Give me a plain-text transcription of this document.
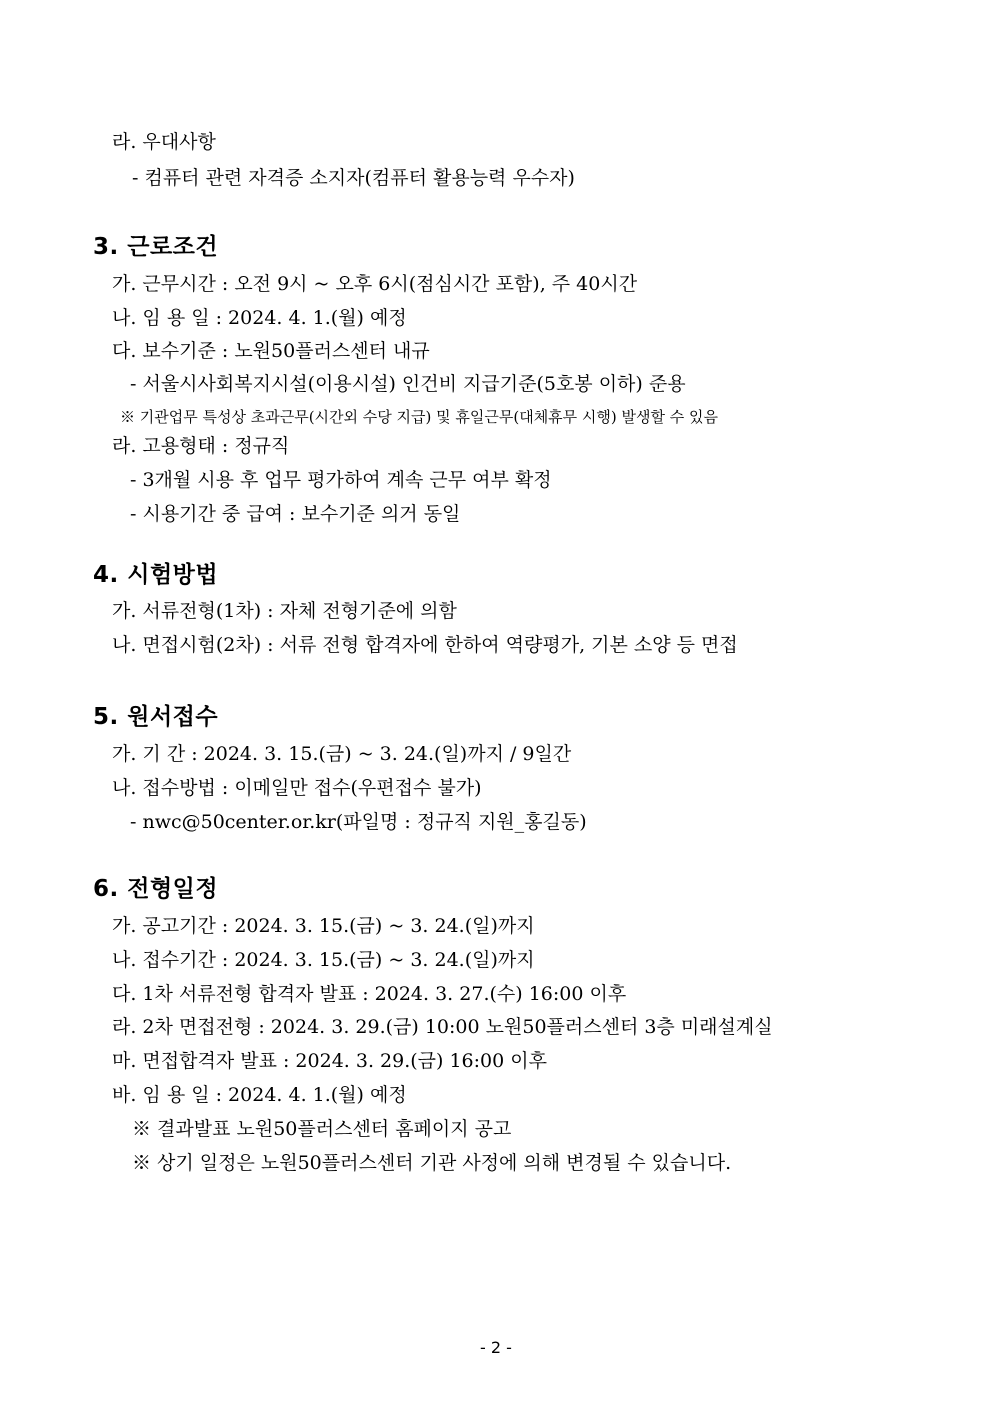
라. 우대사항
- 컴퓨터 관련 자격증 소지자(컴퓨터 활용능력 우수자)
3. 근로조건
가. 근무시간 : 오전 9시 ~ 오후 6시(점심시간 포함), 주 40시간
나. 임 용 일 : 2024. 4. 1.(월) 예정
다. 보수기준 : 노원50플러스센터 내규
- 서울시사회복지시설(이용시설) 인건비 지급기준(5호봉 이하) 준용
※ 기관업무 특성상 초과근무(시간외 수당 지급) 및 휴일근무(대체휴무 시행) 발생할 수 있음
라. 고용형태 : 정규직
- 3개월 시용 후 업무 평가하여 계속 근무 여부 확정
- 시용기간 중 급여 : 보수기준 의거 동일
4. 시험방법
가. 서류전형(1차) : 자체 전형기준에 의함
나. 면접시험(2차) : 서류 전형 합격자에 한하여 역량평가, 기본 소양 등 면접
5. 원서접수
가. 기 간 : 2024. 3. 15.(금) ~ 3. 24.(일)까지 / 9일간
나. 접수방법 : 이메일만 접수(우편접수 불가)
- nwc@50center.or.kr(파일명 : 정규직 지원_홍길동)
6. 전형일정
가. 공고기간 : 2024. 3. 15.(금) ~ 3. 24.(일)까지
나. 접수기간 : 2024. 3. 15.(금) ~ 3. 24.(일)까지
다. 1차 서류전형 합격자 발표 : 2024. 3. 27.(수) 16:00 이후
라. 2차 면접전형 : 2024. 3. 29.(금) 10:00 노원50플러스센터 3층 미래설계실
마. 면접합격자 발표 : 2024. 3. 29.(금) 16:00 이후
바. 임 용 일 : 2024. 4. 1.(월) 예정
※ 결과발표 노원50플러스센터 홈페이지 공고
※ 상기 일정은 노원50플러스센터 기관 사정에 의해 변경될 수 있습니다.
- 2 -
